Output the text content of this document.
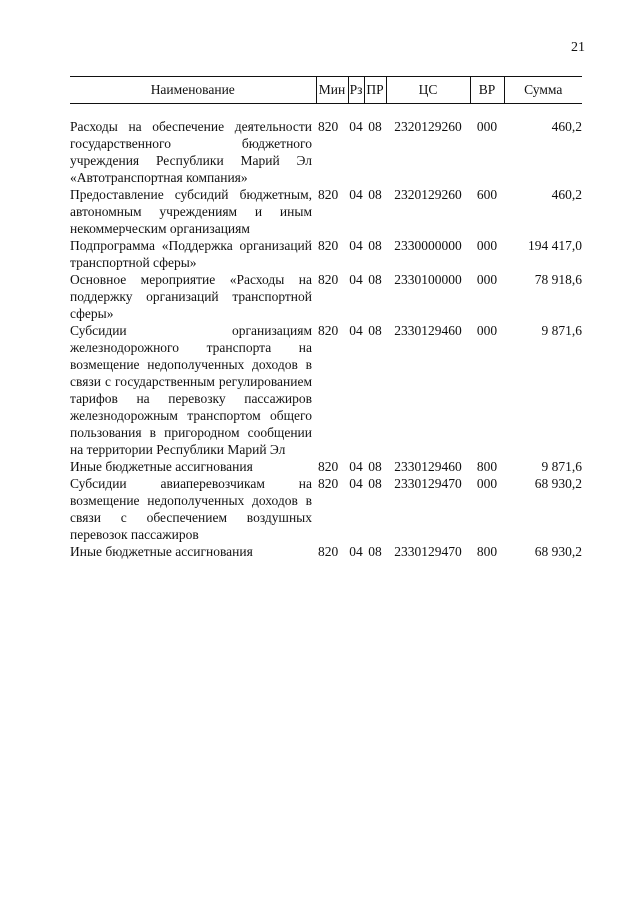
21
Наименование	Мин	Рз	ПР	ЦС	ВР	Сумма

Расходы на обеспечение деятельности государственного бюджетного учреждения Республики Марий Эл «Автотранспортная компания»	820	04	08	2320129260	000	460,2
Предоставление субсидий бюджетным, автономным учреждениям и иным некоммерческим организациям	820	04	08	2320129260	600	460,2
Подпрограмма «Поддержка организаций транспортной сферы»	820	04	08	2330000000	000	194 417,0
Основное мероприятие «Расходы на поддержку организаций транспортной сферы»	820	04	08	2330100000	000	78 918,6
Субсидии организациям железнодорожного транспорта на возмещение недополученных доходов в связи с государственным регулированием тарифов на перевозку пассажиров железнодорожным транспортом общего пользования в пригородном сообщении на территории Республики Марий Эл	820	04	08	2330129460	000	9 871,6
Иные бюджетные ассигнования	820	04	08	2330129460	800	9 871,6
Субсидии авиаперевозчикам на возмещение недополученных доходов в связи с обеспечением воздушных перевозок пассажиров	820	04	08	2330129470	000	68 930,2
Иные бюджетные ассигнования	820	04	08	2330129470	800	68 930,2
